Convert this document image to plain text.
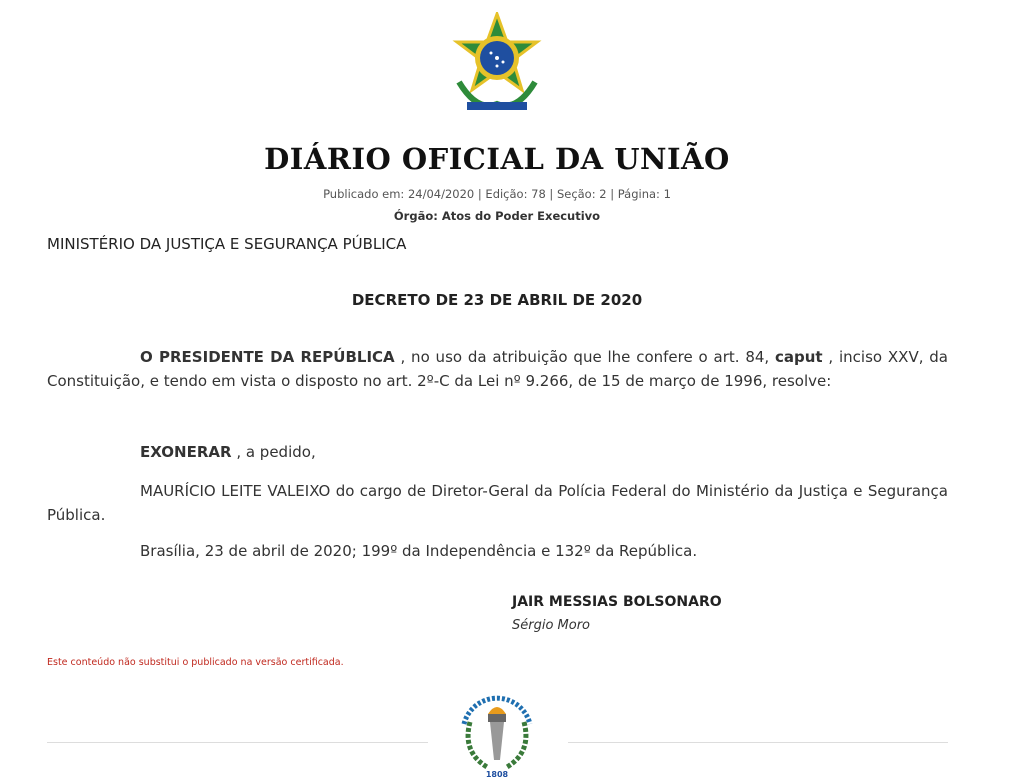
DIÁRIO OFICIAL DA UNIÃO
Publicado em: 24/04/2020 | Edição: 78 | Seção: 2 | Página: 1
Órgão: Atos do Poder Executivo
MINISTÉRIO DA JUSTIÇA E SEGURANÇA PÚBLICA
DECRETO DE 23 DE ABRIL DE 2020
O PRESIDENTE DA REPÚBLICA , no uso da atribuição que lhe confere o art. 84, caput , inciso XXV, da Constituição, e tendo em vista o disposto no art. 2º-C da Lei nº 9.266, de 15 de março de 1996, resolve:
EXONERAR , a pedido,
MAURÍCIO LEITE VALEIXO do cargo de Diretor-Geral da Polícia Federal do Ministério da Justiça e Segurança Pública.
Brasília, 23 de abril de 2020; 199º da Independência e 132º da República.
JAIR MESSIAS BOLSONARO
Sérgio Moro
Este conteúdo não substitui o publicado na versão certificada.
1808
